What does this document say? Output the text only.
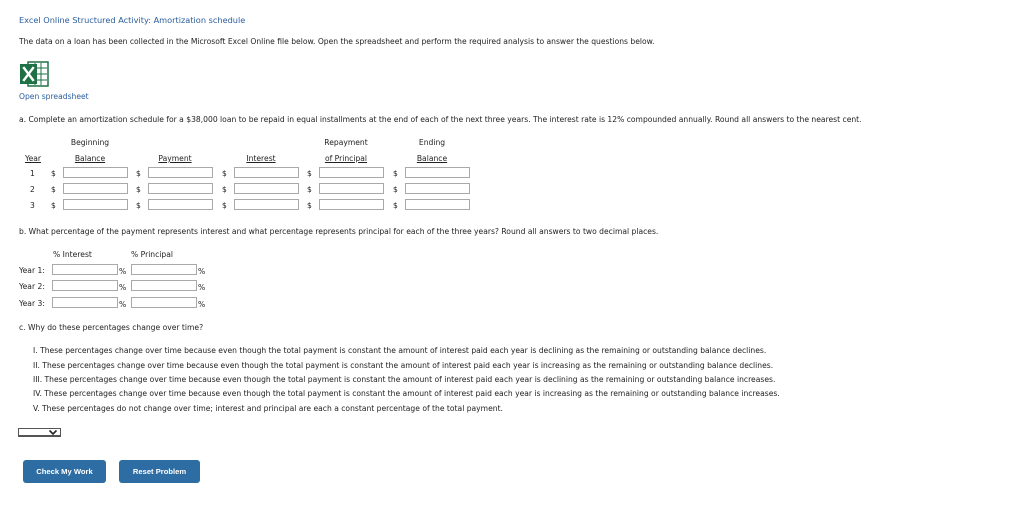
Excel Online Structured Activity: Amortization schedule
The data on a loan has been collected in the Microsoft Excel Online file below. Open the spreadsheet and perform the required analysis to answer the questions below.
Open spreadsheet
a. Complete an amortization schedule for a $38,000 loan to be repaid in equal installments at the end of each of the next three years. The interest rate is 12% compounded annually. Round all answers to the nearest cent.
Beginning	Repayment	Ending
Year	Balance	Payment	Interest	of Principal	Balance
1 $	$	$	$	$
2 $	$	$	$	$
3 $	$	$	$	$
b. What percentage of the payment represents interest and what percentage represents principal for each of the three years? Round all answers to two decimal places.
% Interest	% Principal
Year 1:	%	%
Year 2:	%	%
Year 3:	%	%
c. Why do these percentages change over time?
I. These percentages change over time because even though the total payment is constant the amount of interest paid each year is declining as the remaining or outstanding balance declines.
II. These percentages change over time because even though the total payment is constant the amount of interest paid each year is increasing as the remaining or outstanding balance declines.
III. These percentages change over time because even though the total payment is constant the amount of interest paid each year is declining as the remaining or outstanding balance increases.
IV. These percentages change over time because even though the total payment is constant the amount of interest paid each year is increasing as the remaining or outstanding balance increases.
V. These percentages do not change over time; interest and principal are each a constant percentage of the total payment.
Check My Work	Reset Problem
